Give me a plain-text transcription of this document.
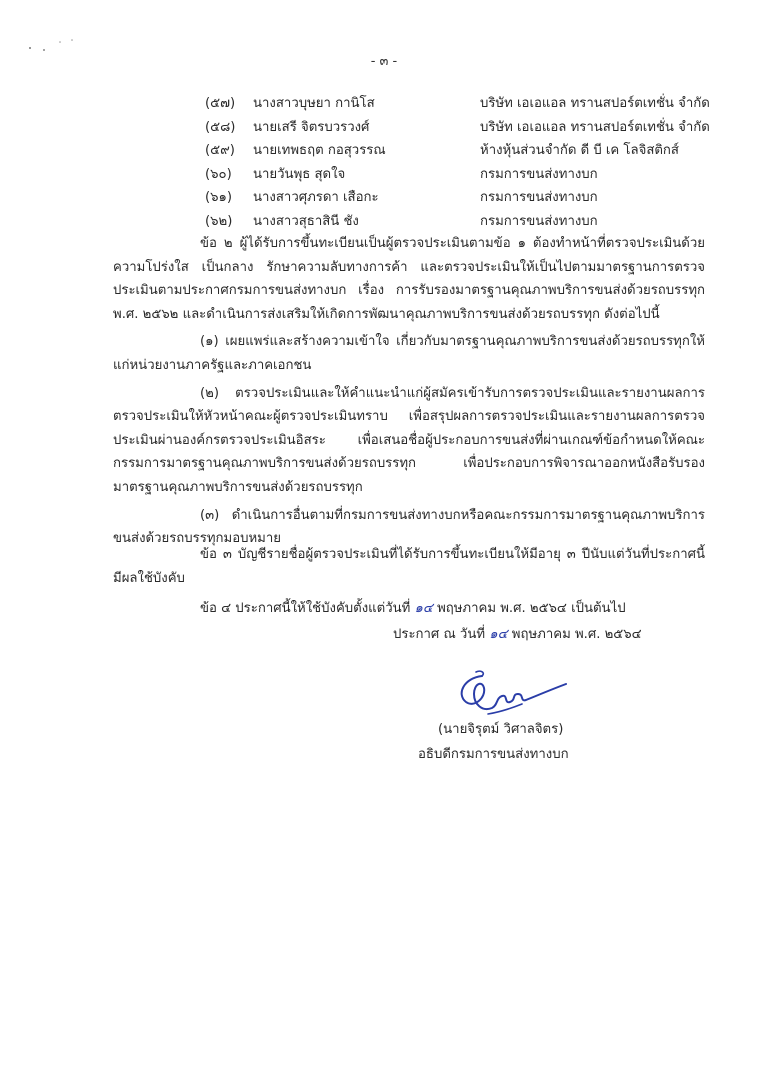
- ๓ -
(๕๗)	นางสาวบุษยา กานิโส	บริษัท เอเอแอล ทรานสปอร์ตเทชั่น จำกัด
(๕๘)	นายเสรี จิตรบวรวงศ์	บริษัท เอเอแอล ทรานสปอร์ตเทชั่น จำกัด
(๕๙)	นายเทพธฤต กอสุวรรณ	ห้างหุ้นส่วนจำกัด ดี บี เค โลจิสติกส์
(๖๐)	นายวันพุธ สุดใจ	กรมการขนส่งทางบก
(๖๑)	นางสาวศุภรดา เสือกะ	กรมการขนส่งทางบก
(๖๒)	นางสาวสุธาสินี ชัง	กรมการขนส่งทางบก

ข้อ ๒ ผู้ได้รับการขึ้นทะเบียนเป็นผู้ตรวจประเมินตามข้อ ๑ ต้องทำหน้าที่ตรวจประเมินด้วยความโปร่งใส เป็นกลาง รักษาความลับทางการค้า และตรวจประเมินให้เป็นไปตามมาตรฐานการตรวจประเมินตามประกาศกรมการขนส่งทางบก เรื่อง การรับรองมาตรฐานคุณภาพบริการขนส่งด้วยรถบรรทุก พ.ศ. ๒๕๖๒ และดำเนินการส่งเสริมให้เกิดการพัฒนาคุณภาพบริการขนส่งด้วยรถบรรทุก ดังต่อไปนี้

(๑) เผยแพร่และสร้างความเข้าใจ เกี่ยวกับมาตรฐานคุณภาพบริการขนส่งด้วยรถบรรทุกให้แก่หน่วยงานภาครัฐและภาคเอกชน

(๒) ตรวจประเมินและให้คำแนะนำแก่ผู้สมัครเข้ารับการตรวจประเมินและรายงานผลการตรวจประเมินให้หัวหน้าคณะผู้ตรวจประเมินทราบ เพื่อสรุปผลการตรวจประเมินและรายงานผลการตรวจประเมินผ่านองค์กรตรวจประเมินอิสระ เพื่อเสนอชื่อผู้ประกอบการขนส่งที่ผ่านเกณฑ์ข้อกำหนดให้คณะกรรมการมาตรฐานคุณภาพบริการขนส่งด้วยรถบรรทุก เพื่อประกอบการพิจารณาออกหนังสือรับรองมาตรฐานคุณภาพบริการขนส่งด้วยรถบรรทุก

(๓) ดำเนินการอื่นตามที่กรมการขนส่งทางบกหรือคณะกรรมการมาตรฐานคุณภาพบริการขนส่งด้วยรถบรรทุกมอบหมาย

ข้อ ๓ บัญชีรายชื่อผู้ตรวจประเมินที่ได้รับการขึ้นทะเบียนให้มีอายุ ๓ ปีนับแต่วันที่ประกาศนี้มีผลใช้บังคับ

ข้อ ๔ ประกาศนี้ให้ใช้บังคับตั้งแต่วันที่ ๑๔ พฤษภาคม พ.ศ. ๒๕๖๔ เป็นต้นไป
ประกาศ ณ วันที่ ๑๔ พฤษภาคม พ.ศ. ๒๕๖๔
(นายจิรุตม์ วิศาลจิตร)
อธิบดีกรมการขนส่งทางบก
